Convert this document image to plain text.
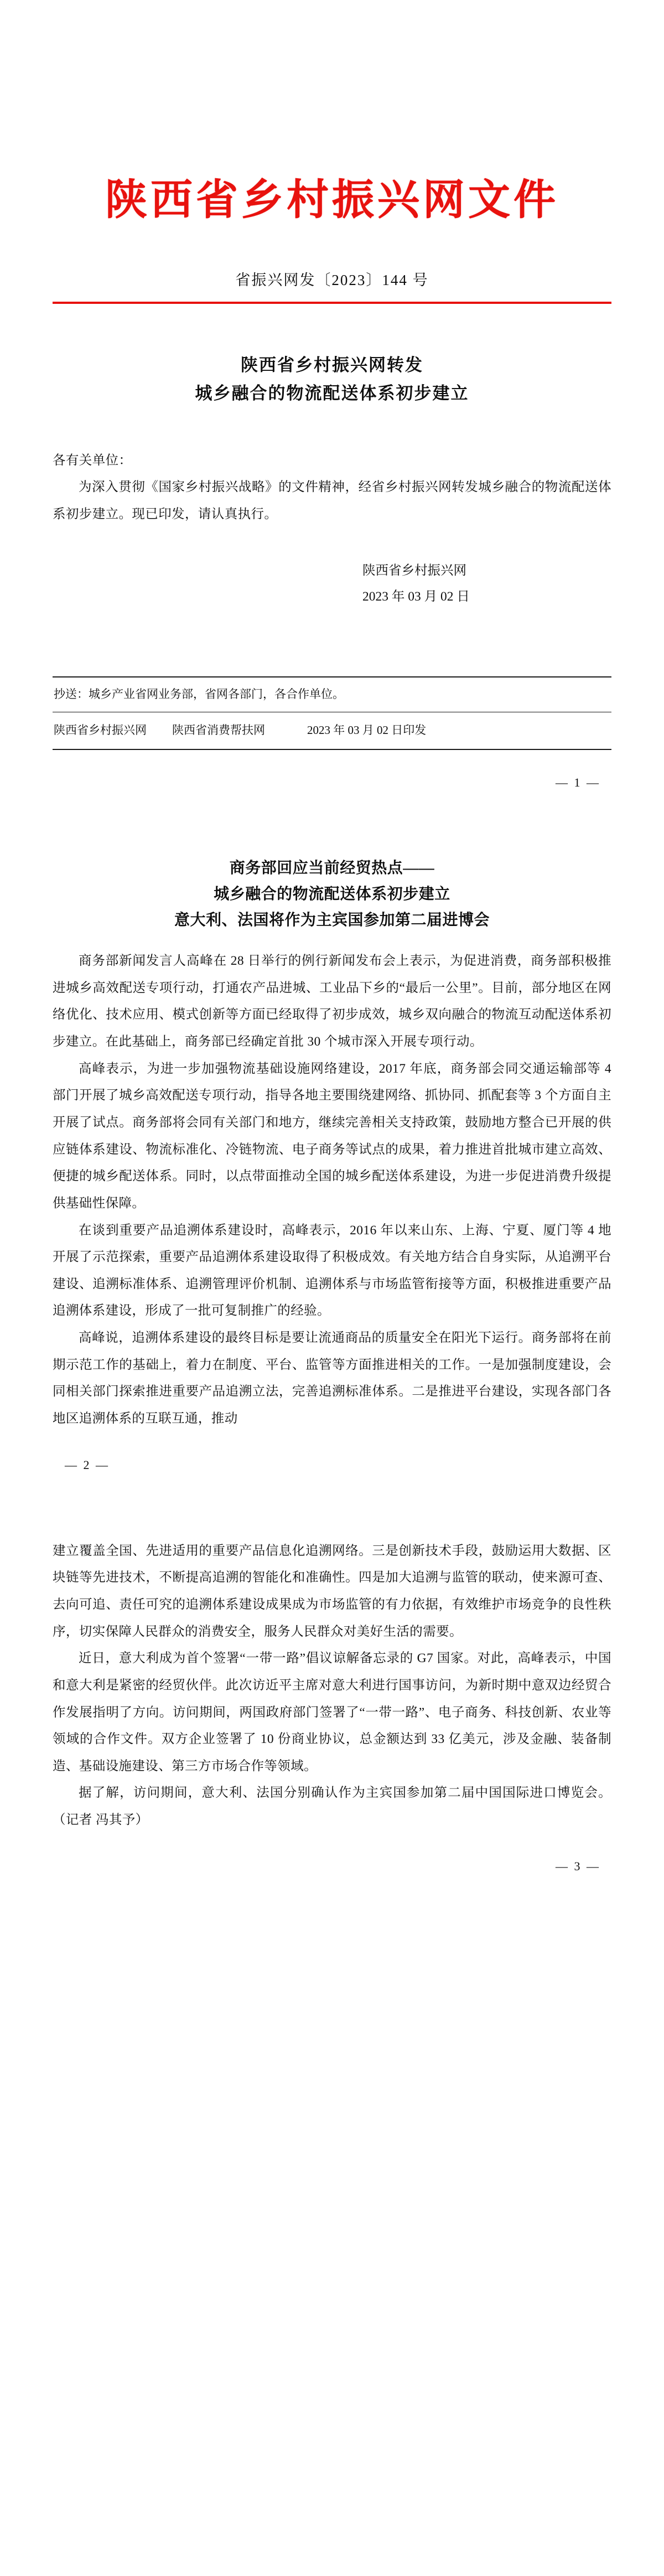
陕西省乡村振兴网文件
省振兴网发〔2023〕144 号
陕西省乡村振兴网转发
城乡融合的物流配送体系初步建立
各有关单位：
为深入贯彻《国家乡村振兴战略》的文件精神，经省乡村振兴网转发城乡融合的物流配送体系初步建立。现已印发，请认真执行。
陕西省乡村振兴网
2023 年 03 月 02 日
抄送：城乡产业省网业务部，省网各部门，各合作单位。
陕西省乡村振兴网 陕西省消费帮扶网	2023 年 03 月 02 日印发
— 1 —
商务部回应当前经贸热点——
城乡融合的物流配送体系初步建立
意大利、法国将作为主宾国参加第二届进博会
商务部新闻发言人高峰在 28 日举行的例行新闻发布会上表示，为促进消费，商务部积极推进城乡高效配送专项行动，打通农产品进城、工业品下乡的“最后一公里”。目前，部分地区在网络优化、技术应用、模式创新等方面已经取得了初步成效，城乡双向融合的物流互动配送体系初步建立。在此基础上，商务部已经确定首批 30 个城市深入开展专项行动。
高峰表示，为进一步加强物流基础设施网络建设，2017 年底，商务部会同交通运输部等 4 部门开展了城乡高效配送专项行动，指导各地主要围绕建网络、抓协同、抓配套等 3 个方面自主开展了试点。商务部将会同有关部门和地方，继续完善相关支持政策，鼓励地方整合已开展的供应链体系建设、物流标准化、冷链物流、电子商务等试点的成果，着力推进首批城市建立高效、便捷的城乡配送体系。同时，以点带面推动全国的城乡配送体系建设，为进一步促进消费升级提供基础性保障。
在谈到重要产品追溯体系建设时，高峰表示，2016 年以来山东、上海、宁夏、厦门等 4 地开展了示范探索，重要产品追溯体系建设取得了积极成效。有关地方结合自身实际，从追溯平台建设、追溯标准体系、追溯管理评价机制、追溯体系与市场监管衔接等方面，积极推进重要产品追溯体系建设，形成了一批可复制推广的经验。
高峰说，追溯体系建设的最终目标是要让流通商品的质量安全在阳光下运行。商务部将在前期示范工作的基础上，着力在制度、平台、监管等方面推进相关的工作。一是加强制度建设，会同相关部门探索推进重要产品追溯立法，完善追溯标准体系。二是推进平台建设，实现各部门各地区追溯体系的互联互通，推动
— 2 —
建立覆盖全国、先进适用的重要产品信息化追溯网络。三是创新技术手段，鼓励运用大数据、区块链等先进技术，不断提高追溯的智能化和准确性。四是加大追溯与监管的联动，使来源可查、去向可追、责任可究的追溯体系建设成果成为市场监管的有力依据，有效维护市场竞争的良性秩序，切实保障人民群众的消费安全，服务人民群众对美好生活的需要。
近日，意大利成为首个签署“一带一路”倡议谅解备忘录的 G7 国家。对此，高峰表示，中国和意大利是紧密的经贸伙伴。此次访近平主席对意大利进行国事访问，为新时期中意双边经贸合作发展指明了方向。访问期间，两国政府部门签署了“一带一路”、电子商务、科技创新、农业等领域的合作文件。双方企业签署了 10 份商业协议，总金额达到 33 亿美元，涉及金融、装备制造、基础设施建设、第三方市场合作等领域。
据了解，访问期间，意大利、法国分别确认作为主宾国参加第二届中国国际进口博览会。（记者 冯其予）
— 3 —
